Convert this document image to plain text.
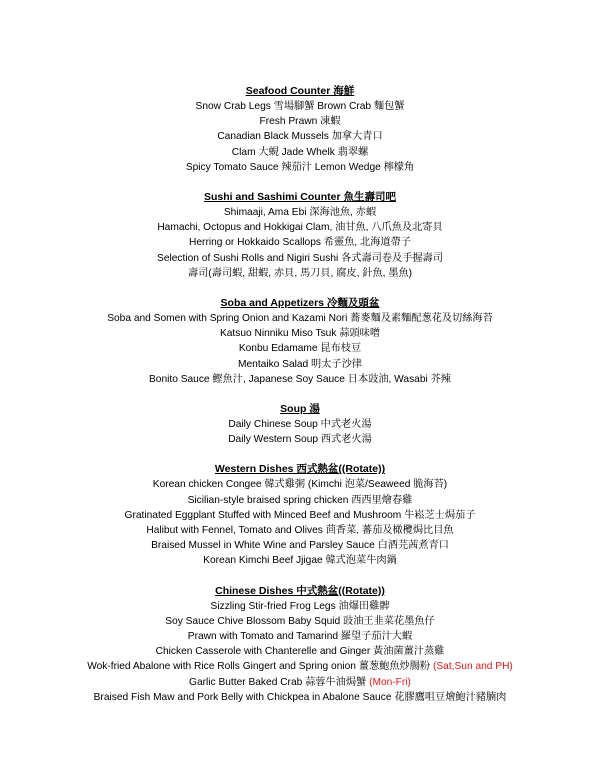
Seafood Counter 海鮮
Snow Crab Legs 雪場腳蟹 Brown Crab 麵包蟹
Fresh Prawn 凍蝦
Canadian Black Mussels 加拿大青口
Clam 大蜆 Jade Whelk 翡翠螺
Spicy Tomato Sauce 辣茄汁 Lemon Wedge 檸檬角
Sushi and Sashimi Counter 魚生壽司吧
Shimaaji, Ama Ebi 深海池魚, 赤蝦
Hamachi, Octopus and Hokkigai Clam, 油甘魚, 八爪魚及北寄貝
Herring or Hokkaido Scallops 希靈魚, 北海道帶子
Selection of Sushi Rolls and Nigiri Sushi 各式壽司卷及手握壽司
壽司(壽司蝦, 甜蝦, 赤貝, 馬刀貝, 腐皮, 針魚, 墨魚)
Soba and Appetizers 冷麵及頭盆
Soba and Somen with Spring Onion and Kazami Nori 蕎麥麵及素麵配葱花及切絲海苔
Katsuo Ninniku Miso Tsuk 蒜頭味噌
Konbu Edamame 昆布枝豆
Mentaiko Salad 明太子沙律
Bonito Sauce 鰹魚汁, Japanese Soy Sauce 日本豉油, Wasabi 芥辣
Soup 湯
Daily Chinese Soup 中式老火湯
Daily Western Soup 西式老火湯
Western Dishes 西式熱盆((Rotate))
Korean chicken Congee 韓式雞粥 (Kimchi 泡菜/Seaweed 脆海苔)
Sicilian-style braised spring chicken 西西里燴春雞
Gratinated Eggplant Stuffed with Minced Beef and Mushroom 牛崧芝士焗茄子
Halibut with Fennel, Tomato and Olives 茴香菜, 蕃茄及橄欖焗比目魚
Braised Mussel in White Wine and Parsley Sauce 白酒芫茜煮青口
Korean Kimchi Beef Jjigae 韓式泡菜牛肉鍋
Chinese Dishes 中式熱盆((Rotate))
Sizzling Stir-fried Frog Legs 油爆田雞髀
Soy Sauce Chive Blossom Baby Squid 豉油王韭菜花墨魚仔
Prawn with Tomato and Tamarind 羅望子茄汁大蝦
Chicken Casserole with Chanterelle and Ginger 黃油菌薑汁蒸雞
Wok-fried Abalone with Rice Rolls Gingert and Spring onion 薑葱鮑魚炒腸粉 (Sat,Sun and PH)
Garlic Butter Baked Crab 蒜蓉牛油焗蟹 (Mon-Fri)
Braised Fish Maw and Pork Belly with Chickpea in Abalone Sauce 花膠鷹咀豆燴鮑汁豬腩肉
